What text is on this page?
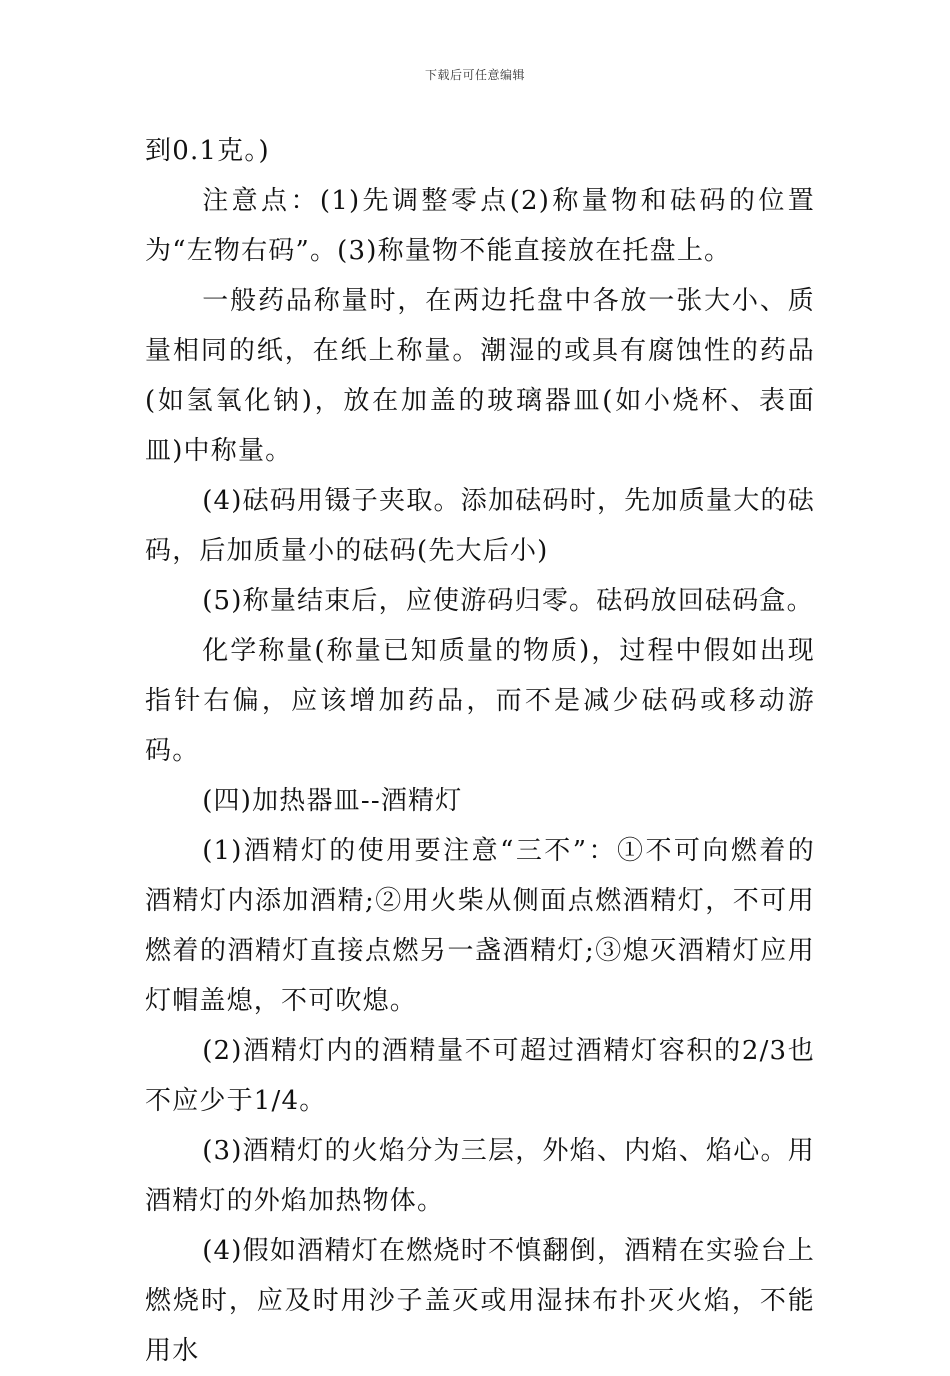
下载后可任意编辑

到0.1克。)

注意点：(1)先调整零点(2)称量物和砝码的位置为“左物右码”。(3)称量物不能直接放在托盘上。

一般药品称量时，在两边托盘中各放一张大小、质量相同的纸，在纸上称量。潮湿的或具有腐蚀性的药品(如氢氧化钠)，放在加盖的玻璃器皿(如小烧杯、表面皿)中称量。

(4)砝码用镊子夹取。添加砝码时，先加质量大的砝码，后加质量小的砝码(先大后小)

(5)称量结束后，应使游码归零。砝码放回砝码盒。

化学称量(称量已知质量的物质)，过程中假如出现指针右偏，应该增加药品，而不是减少砝码或移动游码。

(四)加热器皿--酒精灯

(1)酒精灯的使用要注意“三不”：①不可向燃着的酒精灯内添加酒精;②用火柴从侧面点燃酒精灯，不可用燃着的酒精灯直接点燃另一盏酒精灯;③熄灭酒精灯应用灯帽盖熄，不可吹熄。

(2)酒精灯内的酒精量不可超过酒精灯容积的2/3也不应少于1/4。

(3)酒精灯的火焰分为三层，外焰、内焰、焰心。用酒精灯的外焰加热物体。

(4)假如酒精灯在燃烧时不慎翻倒，酒精在实验台上燃烧时，应及时用沙子盖灭或用湿抹布扑灭火焰，不能用水
